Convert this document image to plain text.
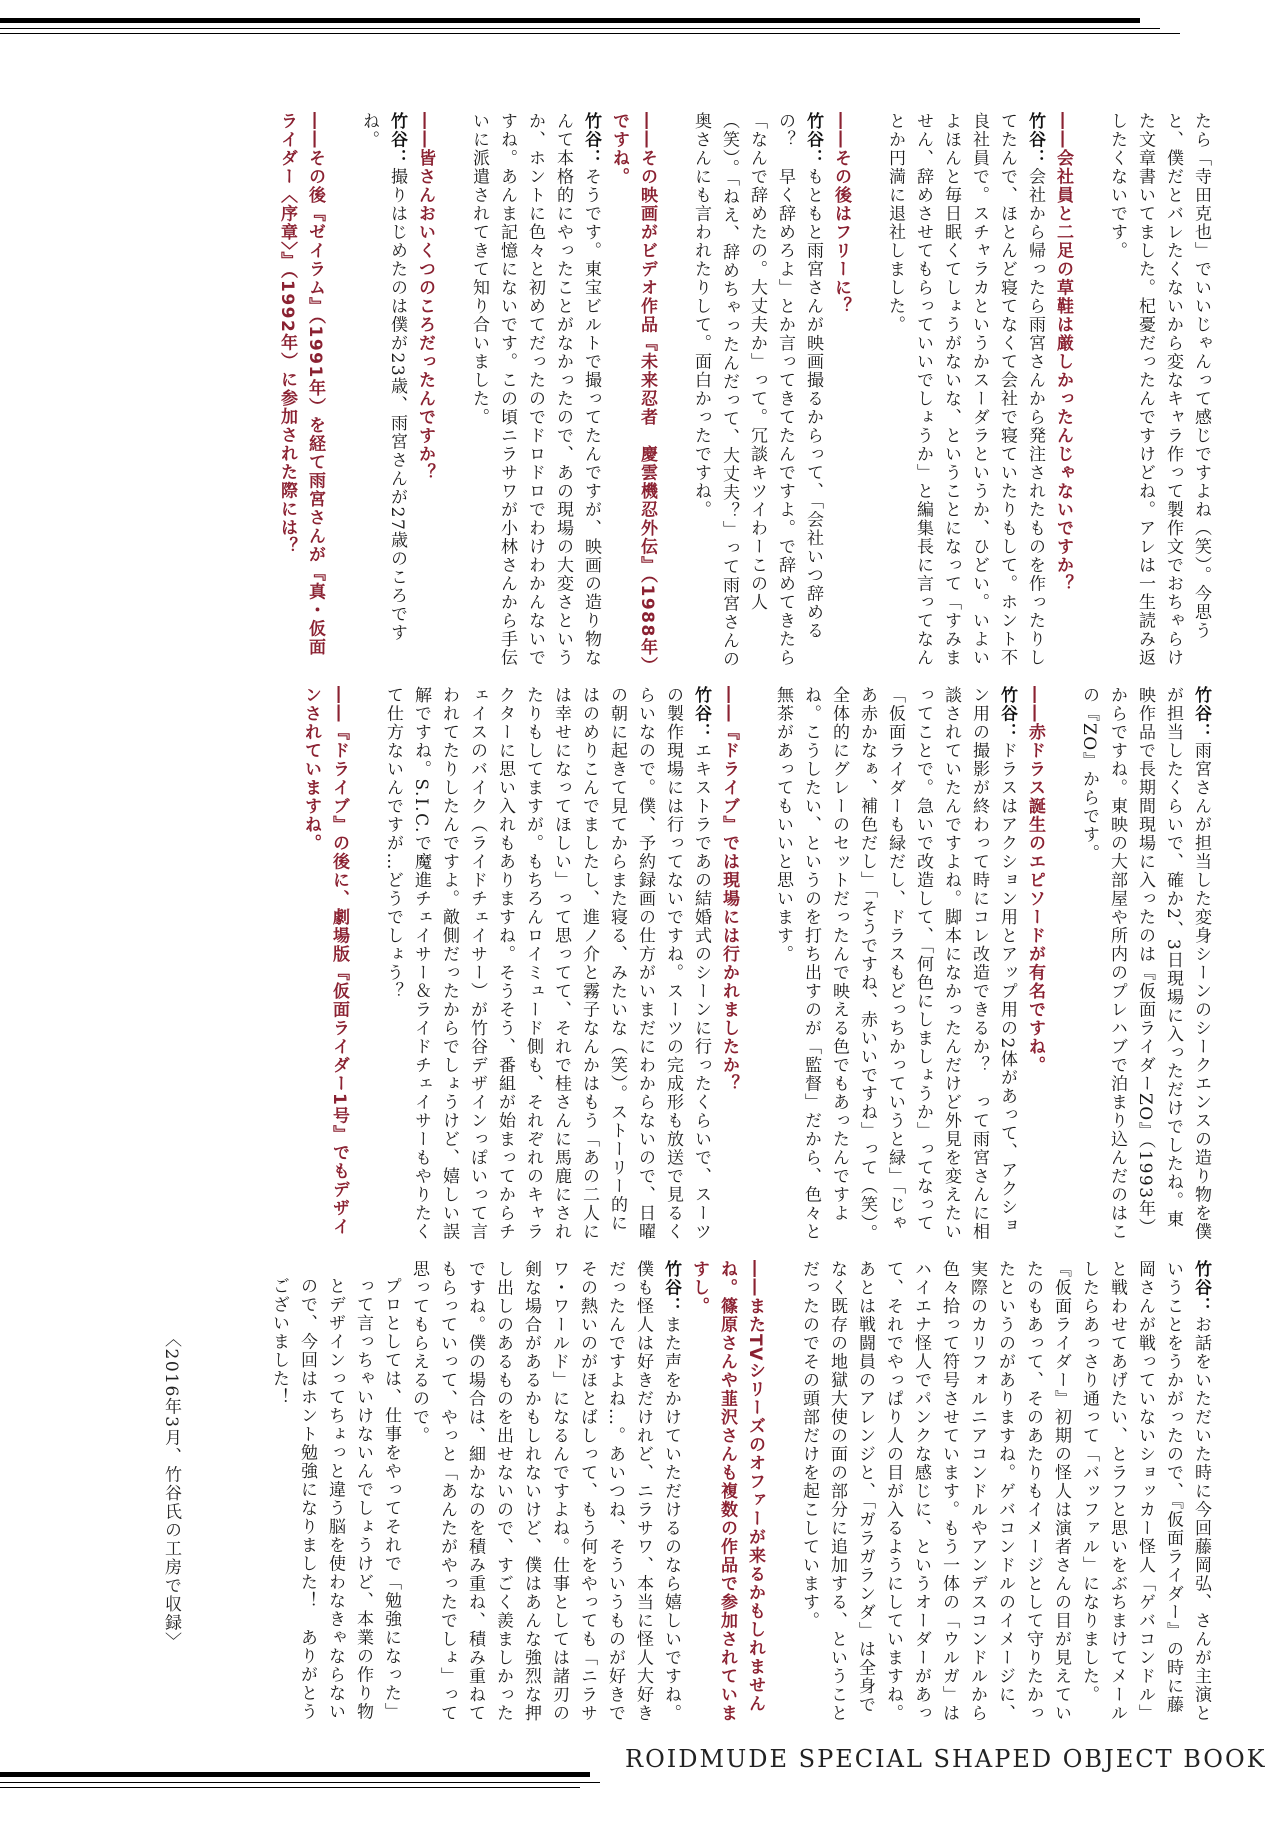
たら「寺田克也」でいいじゃんって感じですよね（笑）。今思うと、僕だとバレたくないから変なキャラ作って製作文でおちゃらけた文章書いてました。杞憂だったんですけどね。アレは一生読み返したくないです。

――会社員と二足の草鞋は厳しかったんじゃないですか？

竹谷：会社から帰ったら雨宮さんから発注されたものを作ったりしてたんで、ほとんど寝てなくて会社で寝ていたりもして。ホント不良社員で。スチャラカというかスーダラというか、ひどい。いよいよほんと毎日眠くてしょうがないな、ということになって「すみません、辞めさせてもらっていいでしょうか」と編集長に言ってなんとか円満に退社しました。

――その後はフリーに？

竹谷：もともと雨宮さんが映画撮るからって、「会社いつ辞めるの？　早く辞めろよ」とか言ってきてたんですよ。で辞めてきたら「なんで辞めたの。大丈夫か」って。冗談キツイわーこの人（笑）。「ねえ、辞めちゃったんだって、大丈夫？」って雨宮さんの奥さんにも言われたりして。面白かったですね。

――その映画がビデオ作品『未来忍者　慶雲機忍外伝』（1988年）ですね。

竹谷：そうです。東宝ビルトで撮ってたんですが、映画の造り物なんて本格的にやったことがなかったので、あの現場の大変さというか、ホントに色々と初めてだったのでドロドロでわけわかんないですね。あんま記憶にないです。この頃ニラサワが小林さんから手伝いに派遣されてきて知り合いました。

――皆さんおいくつのころだったんですか？

竹谷：撮りはじめたのは僕が23歳、雨宮さんが27歳のころですね。

――その後『ゼイラム』（1991年）を経て雨宮さんが『真・仮面ライダー〈序章〉』（1992年）に参加された際には？

竹谷：雨宮さんが担当した変身シーンのシークエンスの造り物を僕が担当したくらいで、確か2、3日現場に入っただけでしたね。東映作品で長期間現場に入ったのは『仮面ライダーZO』（1993年）からですね。東映の大部屋や所内のプレハブで泊まり込んだのはこの『ZO』からです。

――赤ドラス誕生のエピソードが有名ですね。

竹谷：ドラスはアクション用とアップ用の2体があって、アクション用の撮影が終わって時にコレ改造できるか？　って雨宮さんに相談されていたんですよね。脚本になかったんだけど外見を変えたいってことで。急いで改造して、「何色にしましょうか」ってなって「仮面ライダーも緑だし、ドラスもどっちかっていうと緑」「じゃあ赤かなぁ、補色だし」「そうですね、赤いいですね」って（笑）。全体的にグレーのセットだったんで映える色でもあったんですよね。こうしたい、というのを打ち出すのが「監督」だから、色々と無茶があってもいいと思います。

――『ドライブ』では現場には行かれましたか？

竹谷：エキストラであの結婚式のシーンに行ったくらいで、スーツの製作現場には行ってないですね。スーツの完成形も放送で見るくらいなので。僕、予約録画の仕方がいまだにわからないので、日曜の朝に起きて見てからまた寝る、みたいな（笑）。ストーリー的にはのめりこんでましたし、進ノ介と霧子なんかはもう「あの二人には幸せになってほしい」って思ってて、それで桂さんに馬鹿にされたりもしてますが。もちろんロイミュード側も、それぞれのキャラクターに思い入れもありますね。そうそう、番組が始まってからチェイスのバイク（ライドチェイサー）が竹谷デザインっぽいって言われてたりしたんですよ。敵側だったからでしょうけど、嬉しい誤解ですね。S.I.C.で魔進チェイサー＆ライドチェイサーもやりたくて仕方ないんですが…どうでしょう？

――『ドライブ』の後に、劇場版『仮面ライダー1号』でもデザインされていますね。

竹谷：お話をいただいた時に今回藤岡弘、さんが主演ということをうかがったので、『仮面ライダー』の時に藤岡さんが戦っていないショッカー怪人「ゲバコンドル」と戦わせてあげたい、とラフと思いをぶちまけてメールしたらあっさり通って「バッファル」になりました。『仮面ライダー』初期の怪人は演者さんの目が見えていたのもあって、そのあたりもイメージとして守りたかったというのがありますね。ゲバコンドルのイメージに、実際のカリフォルニアコンドルやアンデスコンドルから色々拾って符号させています。もう一体の「ウルガ」はハイエナ怪人でパンクな感じに、というオーダーがあって、それでやっぱり人の目が入るようにしていますね。あとは戦闘員のアレンジと、「ガラガランダ」は全身でなく既存の地獄大使の面の部分に追加する、ということだったのでその頭部だけを起こしています。

――またTVシリーズのオファーが来るかもしれませんね。篠原さんや韮沢さんも複数の作品で参加されていますし。

竹谷：また声をかけていただけるのなら嬉しいですね。僕も怪人は好きだけれど、ニラサワ、本当に怪人大好きだったんですよね…。あいつね、そういうものが好きでその熱いのがほとばしって、もう何をやっても「ニラサワ・ワールド」になるんですよね。仕事としては諸刃の剣な場合があるかもしれないけど、僕はあんな強烈な押し出しのあるものを出せないので、すごく羨ましかったですね。僕の場合は、細かなのを積み重ね、積み重ねてもらっていって、やっと「あんたがやったでしょ」って思ってもらえるので。

プロとしては、仕事をやってそれで「勉強になった」って言っちゃいけないんでしょうけど、本業の作り物とデザインってちょっと違う脳を使わなきゃならないので、今回はホント勉強になりました！　ありがとうございました！

〈2016年3月、竹谷氏の工房で収録〉
ROIDMUDE SPECIAL SHAPED OBJECT BOOK
